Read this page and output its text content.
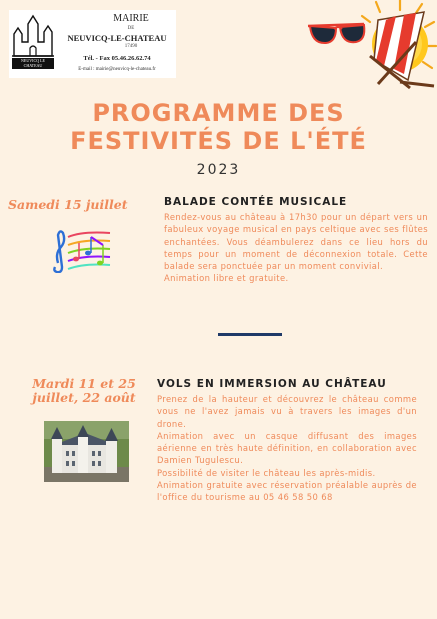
NEUVICQ LE CHATEAU
MAIRIE
DE
NEUVICQ-LE-CHATEAU
17490
Tél. - Fax 05.46.26.62.74
E-mail : mairie@neuvicq-le-chateau.fr
PROGRAMME DES
FESTIVITÉS DE L'ÉTÉ
2023
Samedi 15 juillet	BALADE CONTÉE MUSICALE
Rendez-vous au château à 17h30 pour un départ vers un fabuleux voyage musical en pays celtique avec ses flûtes enchantées. Vous déambulerez dans ce lieu hors du temps pour un moment de déconnexion totale. Cette balade sera ponctuée par un moment convivial.
Animation libre et gratuite.
Mardi 11 et 25
juillet, 22 août
VOLS EN IMMERSION AU CHÂTEAU
Prenez de la hauteur et découvrez le château comme vous ne l'avez jamais vu à travers les images d'un drone.
Animation avec un casque diffusant des images aérienne en très haute définition, en collaboration avec Damien Tugulescu.
Possibilité de visiter le château les après-midis.
Animation gratuite avec réservation préalable auprès de l'office du tourisme au 05 46 58 50 68
